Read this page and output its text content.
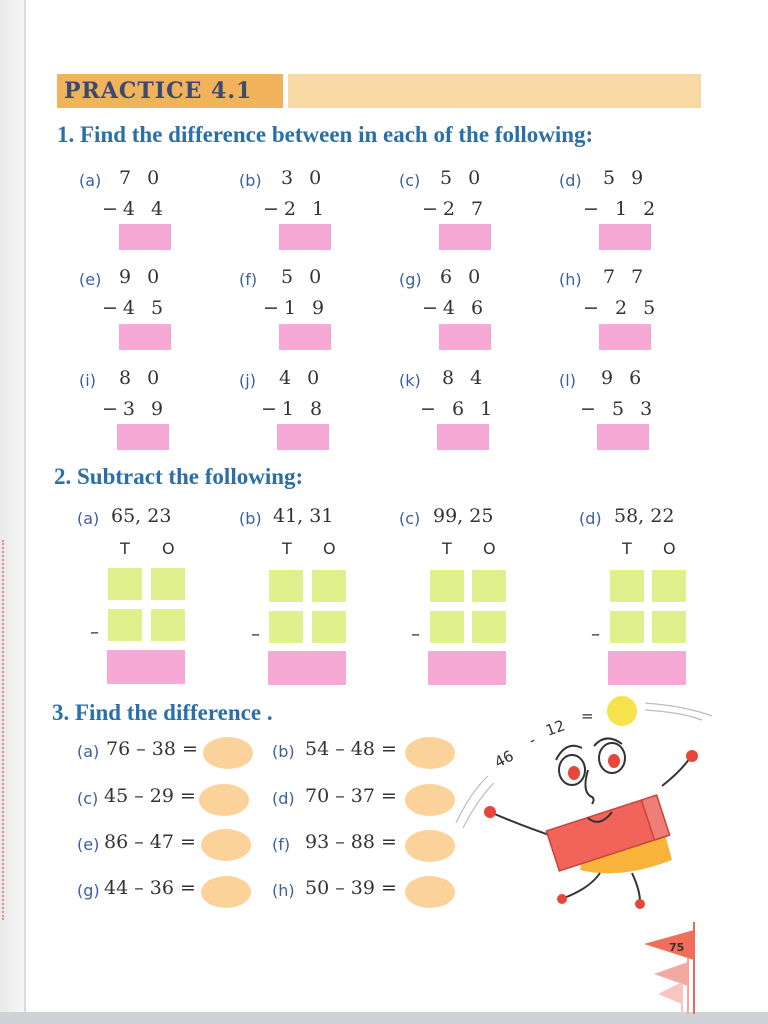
PRACTICE 4.1
1. Find the difference between in each of the following:
(a) 7 0
−4 4
(b) 3 0
−2 1
(c) 5 0
−2 7
(d) 5 9
− 1 2
(e) 9 0
−4 5
(f) 5 0
−1 9
(g) 6 0
−4 6
(h) 7 7
− 2 5
(i) 8 0
−3 9
(j) 4 0
−1 8
(k) 8 4
− 6 1
(l) 9 6
− 5 3
2. Subtract the following:
(a) 65, 23
T O
–
(b) 41, 31
T O
–
(c) 99, 25
T O
–
(d) 58, 22
T O
–
3. Find the difference .
(a) 76 – 38 =	(b) 54 – 48 =
(c) 45 – 29 =	(d) 70 – 37 =
(e) 86 – 47 =	(f) 93 – 88 =
(g) 44 – 36 =	(h) 50 – 39 =
46
-
12
=
75
